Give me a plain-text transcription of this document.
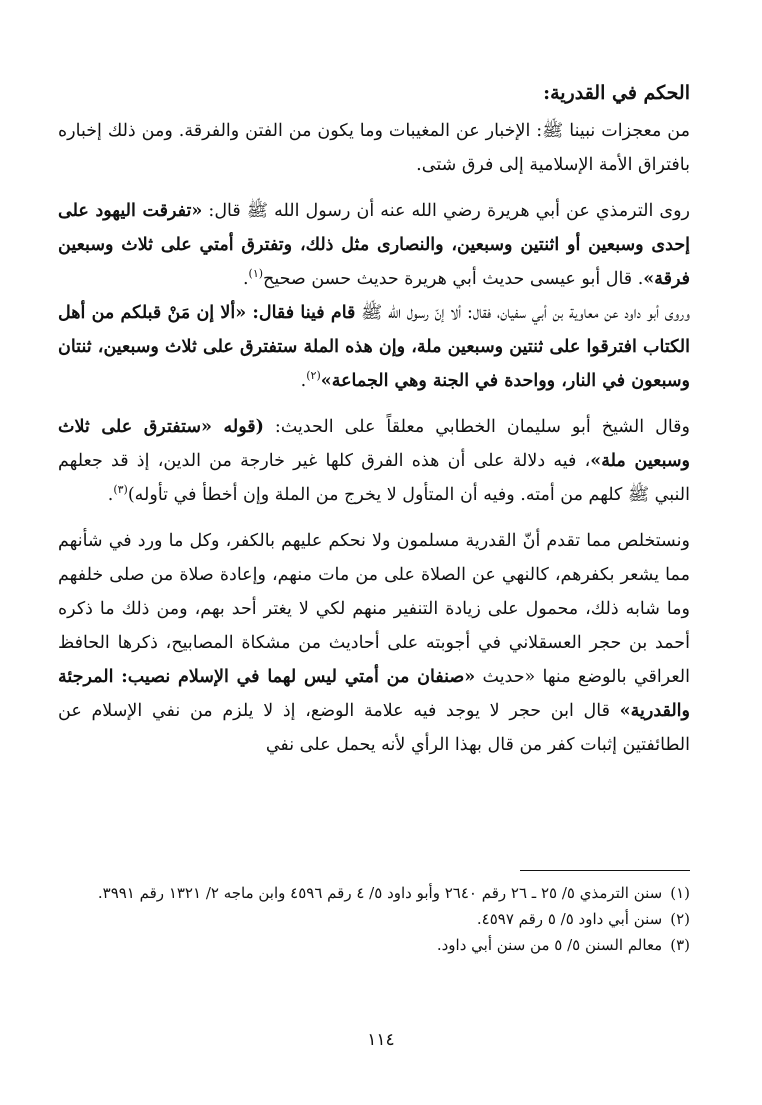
الحكم في القدرية:

من معجزات نبينا ﷺ: الإخبار عن المغيبات وما يكون من الفتن والفرقة. ومن ذلك إخباره بافتراق الأمة الإسلامية إلى فرق شتى.

روى الترمذي عن أبي هريرة رضي الله عنه أن رسول الله ﷺ قال: «تفرقت اليهود على إحدى وسبعين أو اثنتين وسبعين، والنصارى مثل ذلك، وتفترق أمتي على ثلاث وسبعين فرقة». قال أبو عيسى حديث أبي هريرة حديث حسن صحيح$^{(١)}$.

وروى أبو داود عن معاوية بن أبي سفيان، فقال: ألا إنّ رسول الله ﷺ قام فينا فقال: «ألا إن مَنْ قبلكم من أهل الكتاب افترقوا على ثنتين وسبعين ملة، وإن هذه الملة ستفترق على ثلاث وسبعين، ثنتان وسبعون في النار، وواحدة في الجنة وهي الجماعة»$^{(٢)}$.

وقال الشيخ أبو سليمان الخطابي معلقاً على الحديث: (قوله «ستفترق على ثلاث وسبعين ملة»، فيه دلالة على أن هذه الفرق كلها غير خارجة من الدين، إذ قد جعلهم النبي ﷺ كلهم من أمته. وفيه أن المتأول لا يخرج من الملة وإن أخطأ في تأوله)$^{(٣)}$.

ونستخلص مما تقدم أنّ القدرية مسلمون ولا نحكم عليهم بالكفر، وكل ما ورد في شأنهم مما يشعر بكفرهم، كالنهي عن الصلاة على من مات منهم، وإعادة صلاة من صلى خلفهم وما شابه ذلك، محمول على زيادة التنفير منهم لكي لا يغتر أحد بهم، ومن ذلك ما ذكره أحمد بن حجر العسقلاني في أجوبته على أحاديث من مشكاة المصابيح، ذكرها الحافظ العراقي بالوضع منها «حديث «صنفان من أمتي ليس لهما في الإسلام نصيب: المرجئة والقدرية» قال ابن حجر لا يوجد فيه علامة الوضع، إذ لا يلزم من نفي الإسلام عن الطائفتين إثبات كفر من قال بهذا الرأي لأنه يحمل على نفي

(١)
سنن الترمذي ٥/ ٢٥ ـ ٢٦ رقم ٢٦٤٠ وأبو داود ٥/ ٤ رقم ٤٥٩٦ وابن ماجه ٢/ ١٣٢١ رقم ٣٩٩١.
(٢)
سنن أبي داود ٥/ ٥ رقم ٤٥٩٧.
(٣)
معالم السنن ٥/ ٥ من سنن أبي داود.
١١٤
